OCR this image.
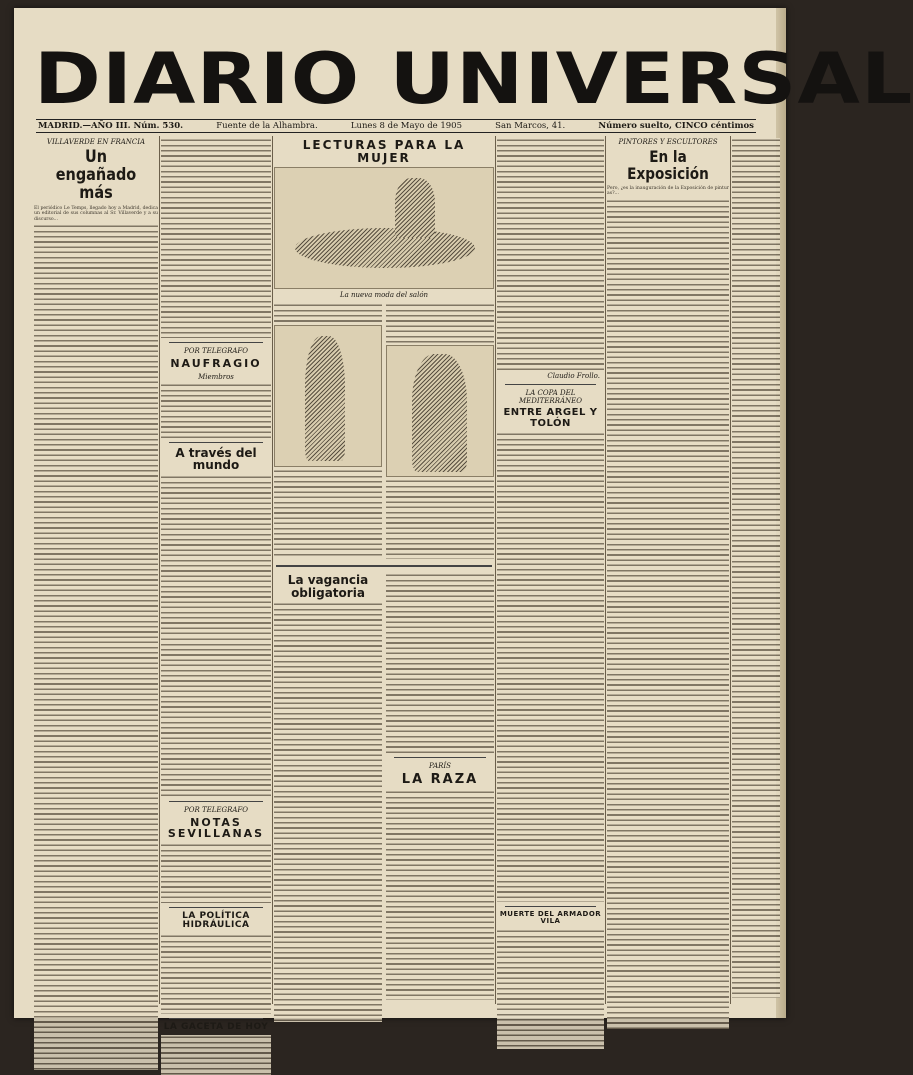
DIARIO UNIVERSAL
MADRID.—AÑO III. Núm. 530.	Fuente de la Alhambra.	Lunes 8 de Mayo de 1905	San Marcos, 41.	Número suelto, CINCO céntimos
VILLAVERDE EN FRANCIA
Un engañado más
El periódico Le Temps, llegado hoy a Madrid, dedica un editorial de sus columnas al Sr. Villaverde y a su discurso...
POR TELEGRAFO
NAUFRAGIO
Miembros
A través del mundo
POR TELEGRAFO
NOTAS SEVILLANAS
LA POLÍTICA HIDRÁULICA
LA GACETA DE HOY
LECTURAS PARA LA MUJER
La nueva moda del salón
La vagancia obligatoria
PARÍS
LA RAZA
Claudio Frollo.
LA COPA DEL MEDITERRÁNEO
ENTRE ARGEL Y TOLÓN
MUERTE DEL ARMADOR VILA
PINTORES Y ESCULTORES
En la Exposición
Pero, ¿es la inauguración de la Exposición de pinturas?...
